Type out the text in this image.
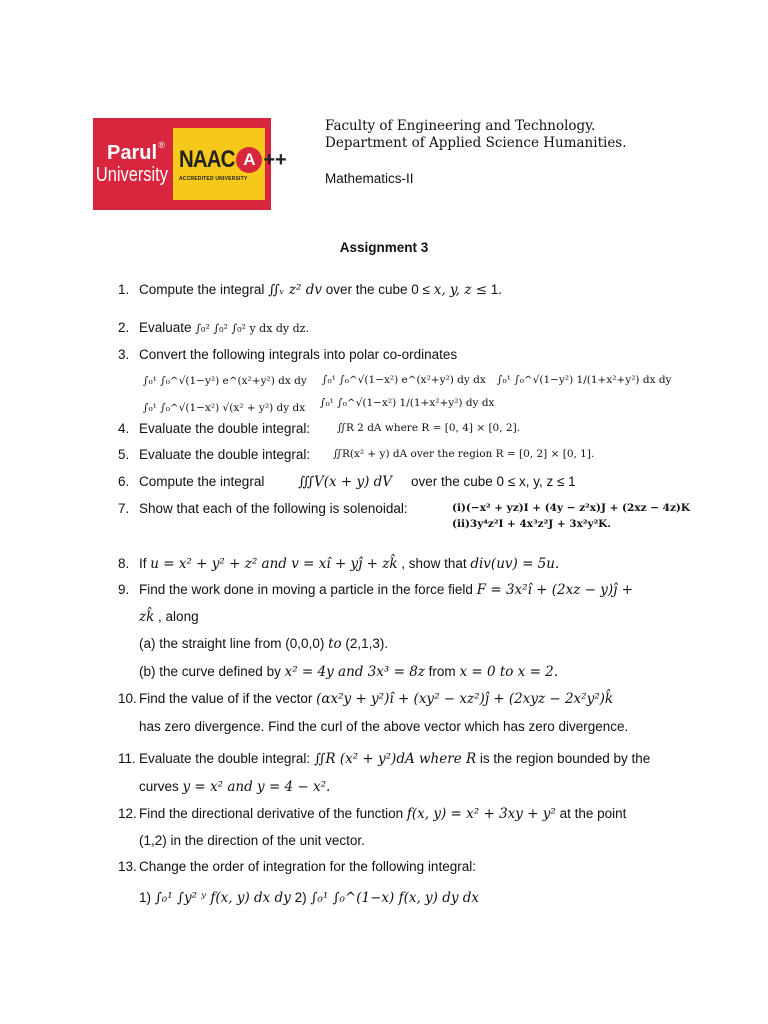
Parul ®
University
NAAC A ++
ACCREDITED UNIVERSITY
Faculty of Engineering and Technology.
Department of Applied Science Humanities.
Mathematics-II
Assignment 3
1. Compute the integral ∬ᵥ z² dv over the cube 0 ≤ x, y, z ≤ 1.
2. Evaluate ∫₀² ∫₀² ∫₀² y dx dy dz.
3. Convert the following integrals into polar co-ordinates
∫₀¹ ∫₀^√(1−y²) e^(x²+y²) dx dy ∫₀¹ ∫₀^√(1−x²) e^(x²+y²) dy dx ∫₀¹ ∫₀^√(1−y²) 1/(1+x²+y²) dx dy
∫₀¹ ∫₀^√(1−x²) √(x² + y²) dy dx ∫₀¹ ∫₀^√(1−x²) 1/(1+x²+y²) dy dx
4. Evaluate the double integral:	∬R 2 dA where R = [0, 4] × [0, 2].
5. Evaluate the double integral: ∬R(x² + y) dA over the region R = [0, 2] × [0, 1].
6. Compute the integral ∭V(x + y) dV over the cube 0 ≤ x, y, z ≤ 1
7. Show that each of the following is solenoidal:	(i)(−x² + yz)I + (4y − z²x)J + (2xz − 4z)K
(ii)3y⁴z²I + 4x³z²J + 3x²y²K.
8. If u = x² + y² + z² and v = xî + yĵ + zk̂ , show that div(uv) = 5u.
9. Find the work done in moving a particle in the force field F = 3x²î + (2xz − y)ĵ +
zk̂ , along
(a) the straight line from (0,0,0) to (2,1,3).
(b) the curve defined by x² = 4y and 3x³ = 8z from x = 0 to x = 2.
10. Find the value of if the vector (αx²y + y²)î + (xy² − xz²)ĵ + (2xyz − 2x²y²)k̂
has zero divergence. Find the curl of the above vector which has zero divergence.
11. Evaluate the double integral: ∬R (x² + y²)dA where R is the region bounded by the
curves y = x² and y = 4 − x².
12. Find the directional derivative of the function f(x, y) = x² + 3xy + y² at the point
(1,2) in the direction of the unit vector.
13. Change the order of integration for the following integral:
1) ∫₀¹ ∫y² ʸ f(x, y) dx dy 2) ∫₀¹ ∫₀^(1−x) f(x, y) dy dx
